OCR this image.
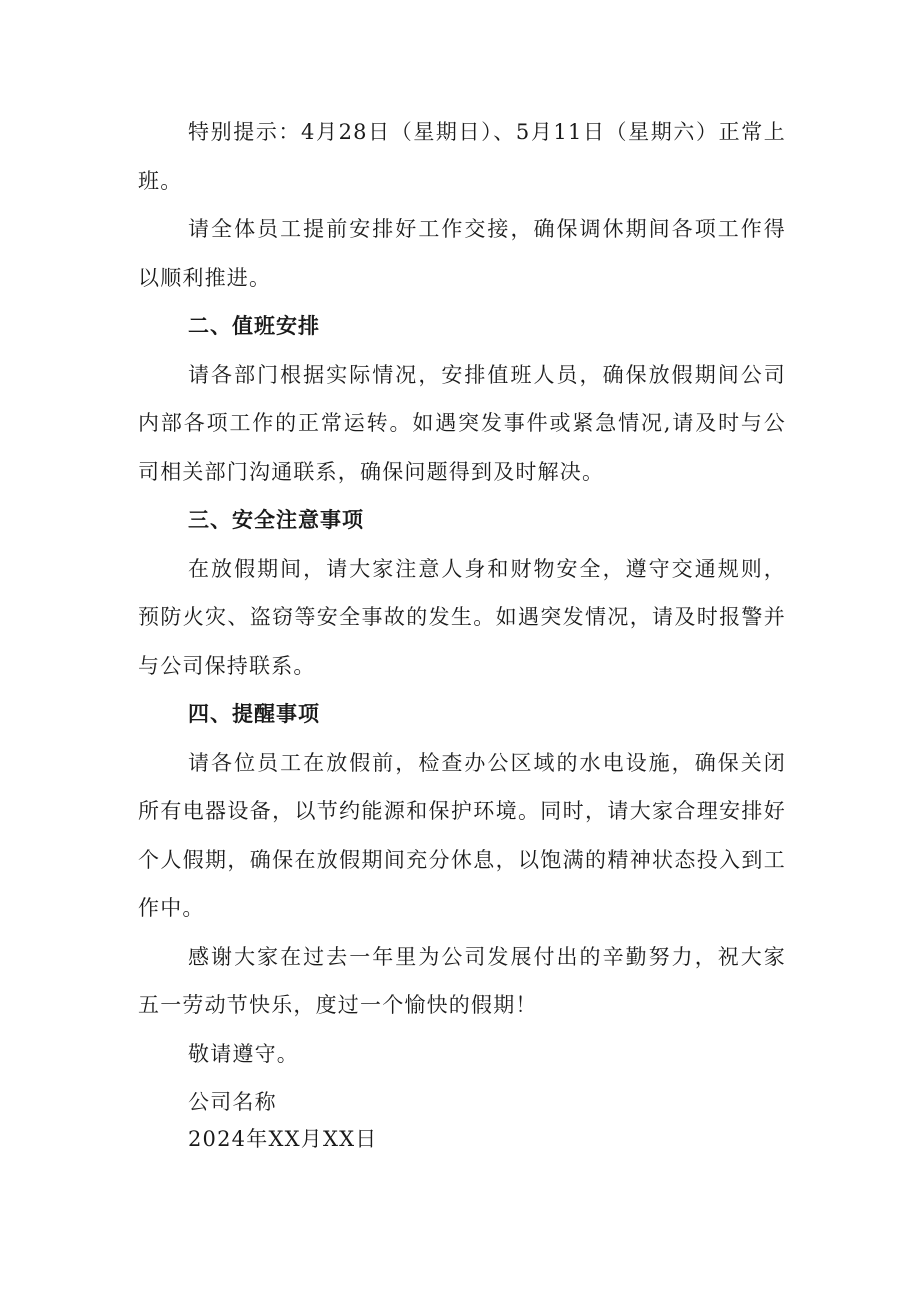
特别提示：4月28日（星期日）、5月11日（星期六）正常上班。

请全体员工提前安排好工作交接，确保调休期间各项工作得以顺利推进。

二、值班安排

请各部门根据实际情况，安排值班人员，确保放假期间公司内部各项工作的正常运转。如遇突发事件或紧急情况,请及时与公司相关部门沟通联系，确保问题得到及时解决。

三、安全注意事项

在放假期间，请大家注意人身和财物安全，遵守交通规则，预防火灾、盗窃等安全事故的发生。如遇突发情况，请及时报警并与公司保持联系。

四、提醒事项

请各位员工在放假前，检查办公区域的水电设施，确保关闭所有电器设备，以节约能源和保护环境。同时，请大家合理安排好个人假期，确保在放假期间充分休息，以饱满的精神状态投入到工作中。

感谢大家在过去一年里为公司发展付出的辛勤努力，祝大家五一劳动节快乐，度过一个愉快的假期！

敬请遵守。

公司名称

2024年XX月XX日
